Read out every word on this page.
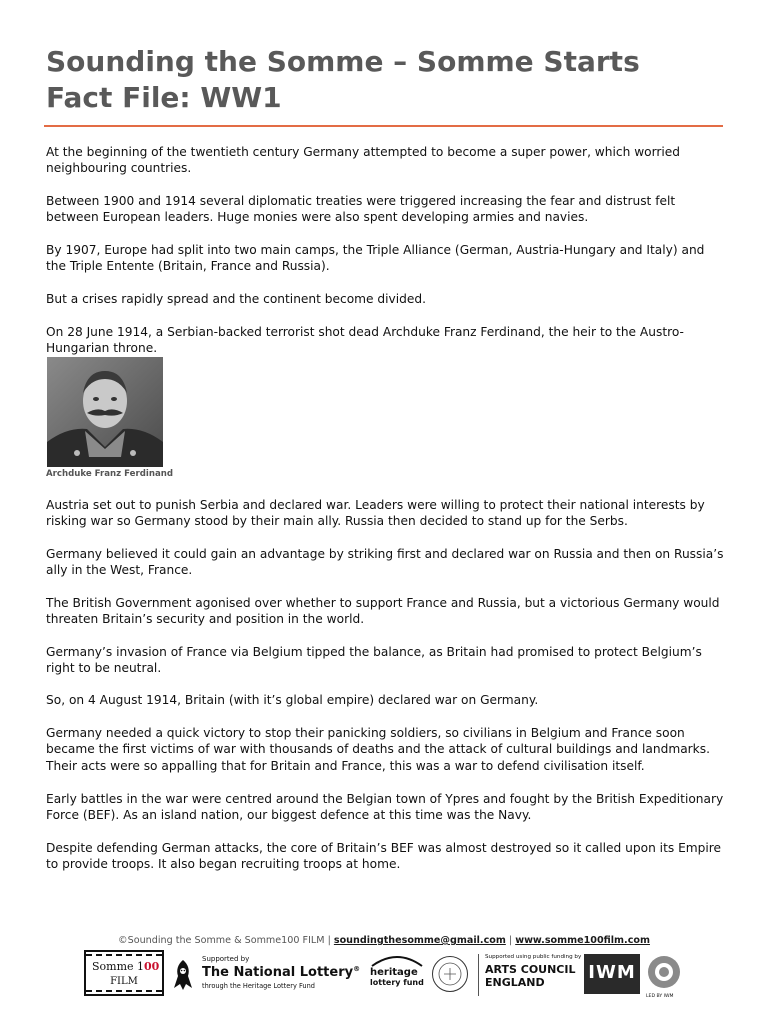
Sounding the Somme – Somme Starts
Fact File: WW1

At the beginning of the twentieth century Germany attempted to become a super power, which worried neighbouring countries.

Between 1900 and 1914 several diplomatic treaties were triggered increasing the fear and distrust felt between European leaders. Huge monies were also spent developing armies and navies.

By 1907, Europe had split into two main camps, the Triple Alliance (German, Austria-Hungary and Italy) and the Triple Entente (Britain, France and Russia).

But a crises rapidly spread and the continent become divided.

On 28 June 1914, a Serbian-backed terrorist shot dead Archduke Franz Ferdinand, the heir to the Austro-Hungarian throne.

Archduke Franz Ferdinand

Austria set out to punish Serbia and declared war. Leaders were willing to protect their national interests by risking war so Germany stood by their main ally. Russia then decided to stand up for the Serbs.

Germany believed it could gain an advantage by striking first and declared war on Russia and then on Russia’s ally in the West, France.

The British Government agonised over whether to support France and Russia, but a victorious Germany would threaten Britain’s security and position in the world.

Germany’s invasion of France via Belgium tipped the balance, as Britain had promised to protect Belgium’s right to be neutral.

So, on 4 August 1914, Britain (with it’s global empire) declared war on Germany.

Germany needed a quick victory to stop their panicking soldiers, so civilians in Belgium and France soon became the first victims of war with thousands of deaths and the attack of cultural buildings and landmarks. Their acts were so appalling that for Britain and France, this was a war to defend civilisation itself.

Early battles in the war were centred around the Belgian town of Ypres and fought by the British Expeditionary Force (BEF). As an island nation, our biggest defence at this time was the Navy.

Despite defending German attacks, the core of Britain’s BEF was almost destroyed so it called upon its Empire to provide troops. It also began recruiting troops at home.

©Sounding the Somme & Somme100 FILM | soundingthesomme@gmail.com | www.somme100film.com
Somme 100
FILM
Supported by
The National Lottery®
through the Heritage Lottery Fund
heritage
lottery fund
Supported using public funding by
ARTS COUNCIL
ENGLAND	IWM
LED BY IWM
